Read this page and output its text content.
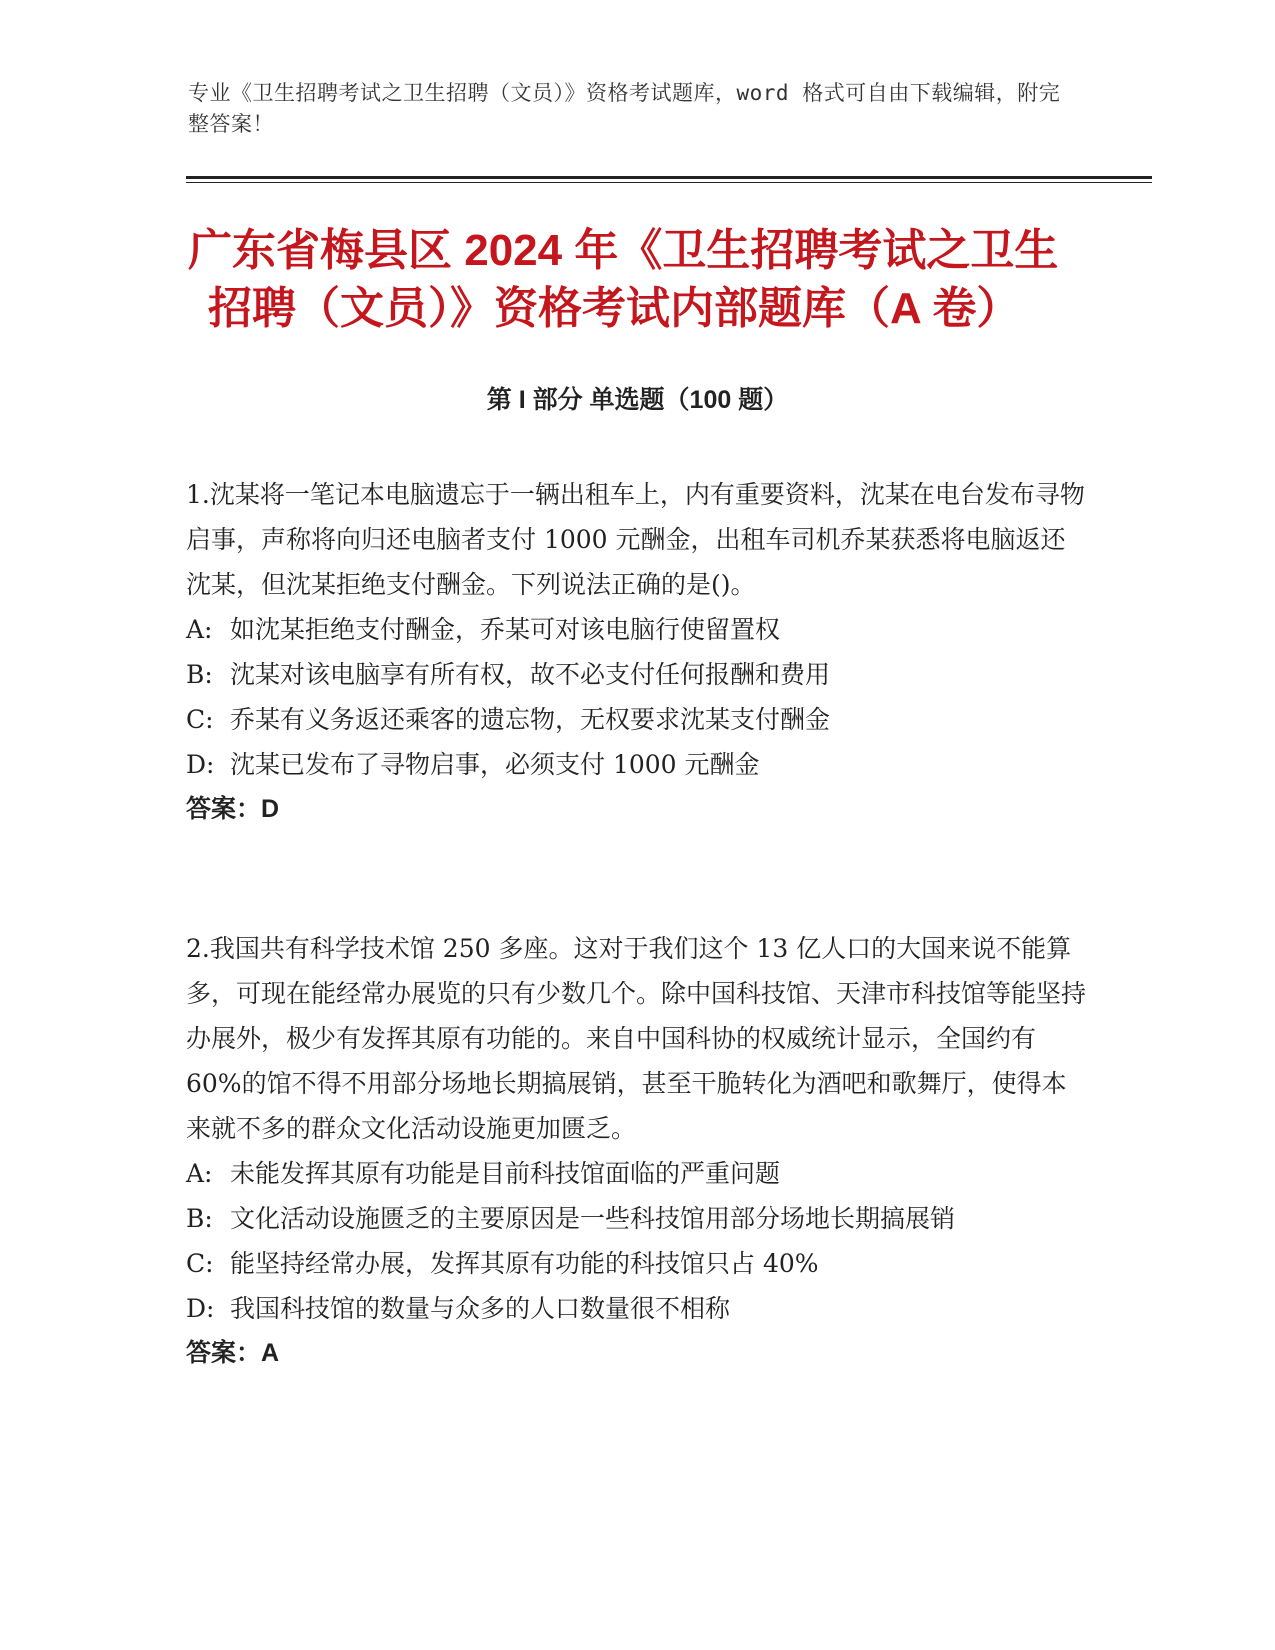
专业《卫生招聘考试之卫生招聘（文员）》资格考试题库，word 格式可自由下载编辑，附完整答案！
广东省梅县区 2024 年《卫生招聘考试之卫生
招聘（文员）》资格考试内部题库（A 卷）
第 I 部分 单选题（100 题）

1.沈某将一笔记本电脑遗忘于一辆出租车上，内有重要资料，沈某在电台发布寻物启事，声称将向归还电脑者支付 1000 元酬金，出租车司机乔某获悉将电脑返还沈某，但沈某拒绝支付酬金。下列说法正确的是()。

A: 如沈某拒绝支付酬金，乔某可对该电脑行使留置权

B: 沈某对该电脑享有所有权，故不必支付任何报酬和费用

C: 乔某有义务返还乘客的遗忘物，无权要求沈某支付酬金

D: 沈某已发布了寻物启事，必须支付 1000 元酬金

答案：D

2.我国共有科学技术馆 250 多座。这对于我们这个 13 亿人口的大国来说不能算多，可现在能经常办展览的只有少数几个。除中国科技馆、天津市科技馆等能坚持办展外，极少有发挥其原有功能的。来自中国科协的权威统计显示，全国约有 60%的馆不得不用部分场地长期搞展销，甚至干脆转化为酒吧和歌舞厅，使得本来就不多的群众文化活动设施更加匮乏。

A: 未能发挥其原有功能是目前科技馆面临的严重问题

B: 文化活动设施匮乏的主要原因是一些科技馆用部分场地长期搞展销

C: 能坚持经常办展，发挥其原有功能的科技馆只占 40%

D: 我国科技馆的数量与众多的人口数量很不相称

答案：A
